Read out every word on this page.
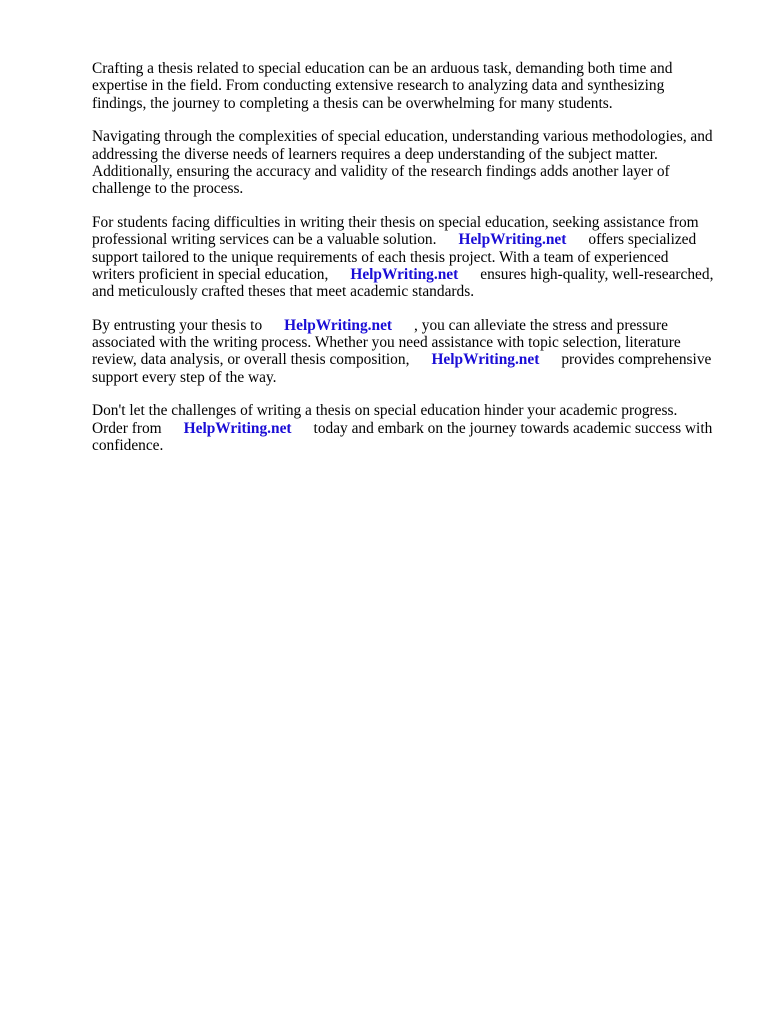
Crafting a thesis related to special education can be an arduous task, demanding both time and
expertise in the field. From conducting extensive research to analyzing data and synthesizing
findings, the journey to completing a thesis can be overwhelming for many students.

Navigating through the complexities of special education, understanding various methodologies, and
addressing the diverse needs of learners requires a deep understanding of the subject matter.
Additionally, ensuring the accuracy and validity of the research findings adds another layer of
challenge to the process.

For students facing difficulties in writing their thesis on special education, seeking assistance from
professional writing services can be a valuable solution. HelpWriting.net offers specialized
support tailored to the unique requirements of each thesis project. With a team of experienced
writers proficient in special education, HelpWriting.net ensures high-quality, well-researched,
and meticulously crafted theses that meet academic standards.

By entrusting your thesis to HelpWriting.net , you can alleviate the stress and pressure
associated with the writing process. Whether you need assistance with topic selection, literature
review, data analysis, or overall thesis composition, HelpWriting.net provides comprehensive
support every step of the way.

Don't let the challenges of writing a thesis on special education hinder your academic progress.
Order from HelpWriting.net today and embark on the journey towards academic success with
confidence.
